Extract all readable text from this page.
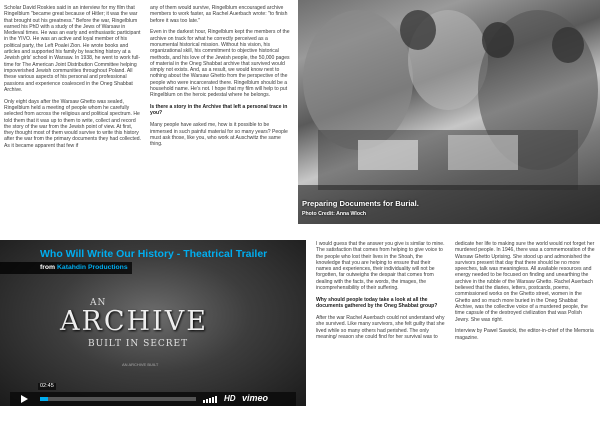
Scholar David Roskies said in an interview for my film that Ringelblum "became great because of Hitler; it was the war that brought out his greatness." Before the war, Ringelblum earned his PhD with a study of the Jews of Warsaw in Medieval times. He was an early and enthusiastic participant in the YIVO. He was an active and loyal member of his political party, the Left Poalei Zion. He wrote books and articles and supported his family by teaching history at a Jewish girls' school in Warsaw. In 1938, he went to work full-time for The American Joint Distribution Committee helping impoverished Jewish communities throughout Poland. All these various aspects of his personal and professional passions and experience coalesced in the Oneg Shabbat Archive.

Only eight days after the Warsaw Ghetto was sealed, Ringelblum held a meeting of people whom he carefully selected from across the religious and political spectrum. He told them that it was up to them to write, collect and record the story of the war from the Jewish point of view. At first, they thought most of them would survive to write this history after the war from the primary documents they had collected. As it became apparent that few if

any of them would survive, Ringelblum encouraged archive members to work faster, as Rachel Auerbach wrote: "to finish before it was too late."

Even in the darkest hour, Ringelblum kept the members of the archive on track for what he correctly perceived as a monumental historical mission. Without his vision, his organizational skill, his commitment to objective historical methods, and his love of the Jewish people, the 50,000 pages of material in the Oneg Shabbat archive that survived would simply not exists. And, as a result, we would know next to nothing about the Warsaw Ghetto from the perspective of the people who were incarcerated there. Ringelblum should be a household name. He's not. I hope that my film will help to put Ringelblum on the heroic pedestal where he belongs.

Is there a story in the Archive that left a personal trace in you?

Many people have asked me, how is it possible to be immersed in such painful material for so many years? People must ask those, like you, who work at Auschwitz the same thing.

Preparing Documents for Burial.
Photo Credit: Anna Wloch
Who Will Write Our History - Theatrical Trailer
from Katahdin Productions
AN
ARCHIVE
BUILT IN SECRET
AN ARCHIVE BUILT
02:45
HD vimeo

I would guess that the answer you give is similar to mine. The satisfaction that comes from helping to give voice to the people who lost their lives in the Shoah, the knowledge that you are helping to ensure that their names and experiences, their individuality will not be forgotten, far outweighs the despair that comes from dealing with the facts, the words, the images, the incomprehensibility of their suffering.

Why should people today take a look at all the documents gathered by the Oneg Shabbat group?

After the war Rachel Auerbach could not understand why she survived. Like many survivors, she felt guilty that she lived while so many others had perished. The only meaning/ reason she could find for her survival was to

dedicate her life to making sure the world would not forget her murdered people. In 1946, there was a commemoration of the Warsaw Ghetto Uprising. She stood up and admonished the survivors present that day that there should be no more speeches, talk was meaningless. All available resources and energy needed to be focused on finding and unearthing the archive in the rubble of the Warsaw Ghetto. Rachel Auerbach believed that the diaries, letters, postcards, poems, commissioned works on the Ghetto street, women in the Ghetto and so much more buried in the Oneg Shabbat Archive, was the collective voice of a murdered people, the time capsule of the destroyed civilization that was Polish Jewry. She was right.

Interview by Pawel Sawicki, the editor-in-chief of the Memoria magazine.
